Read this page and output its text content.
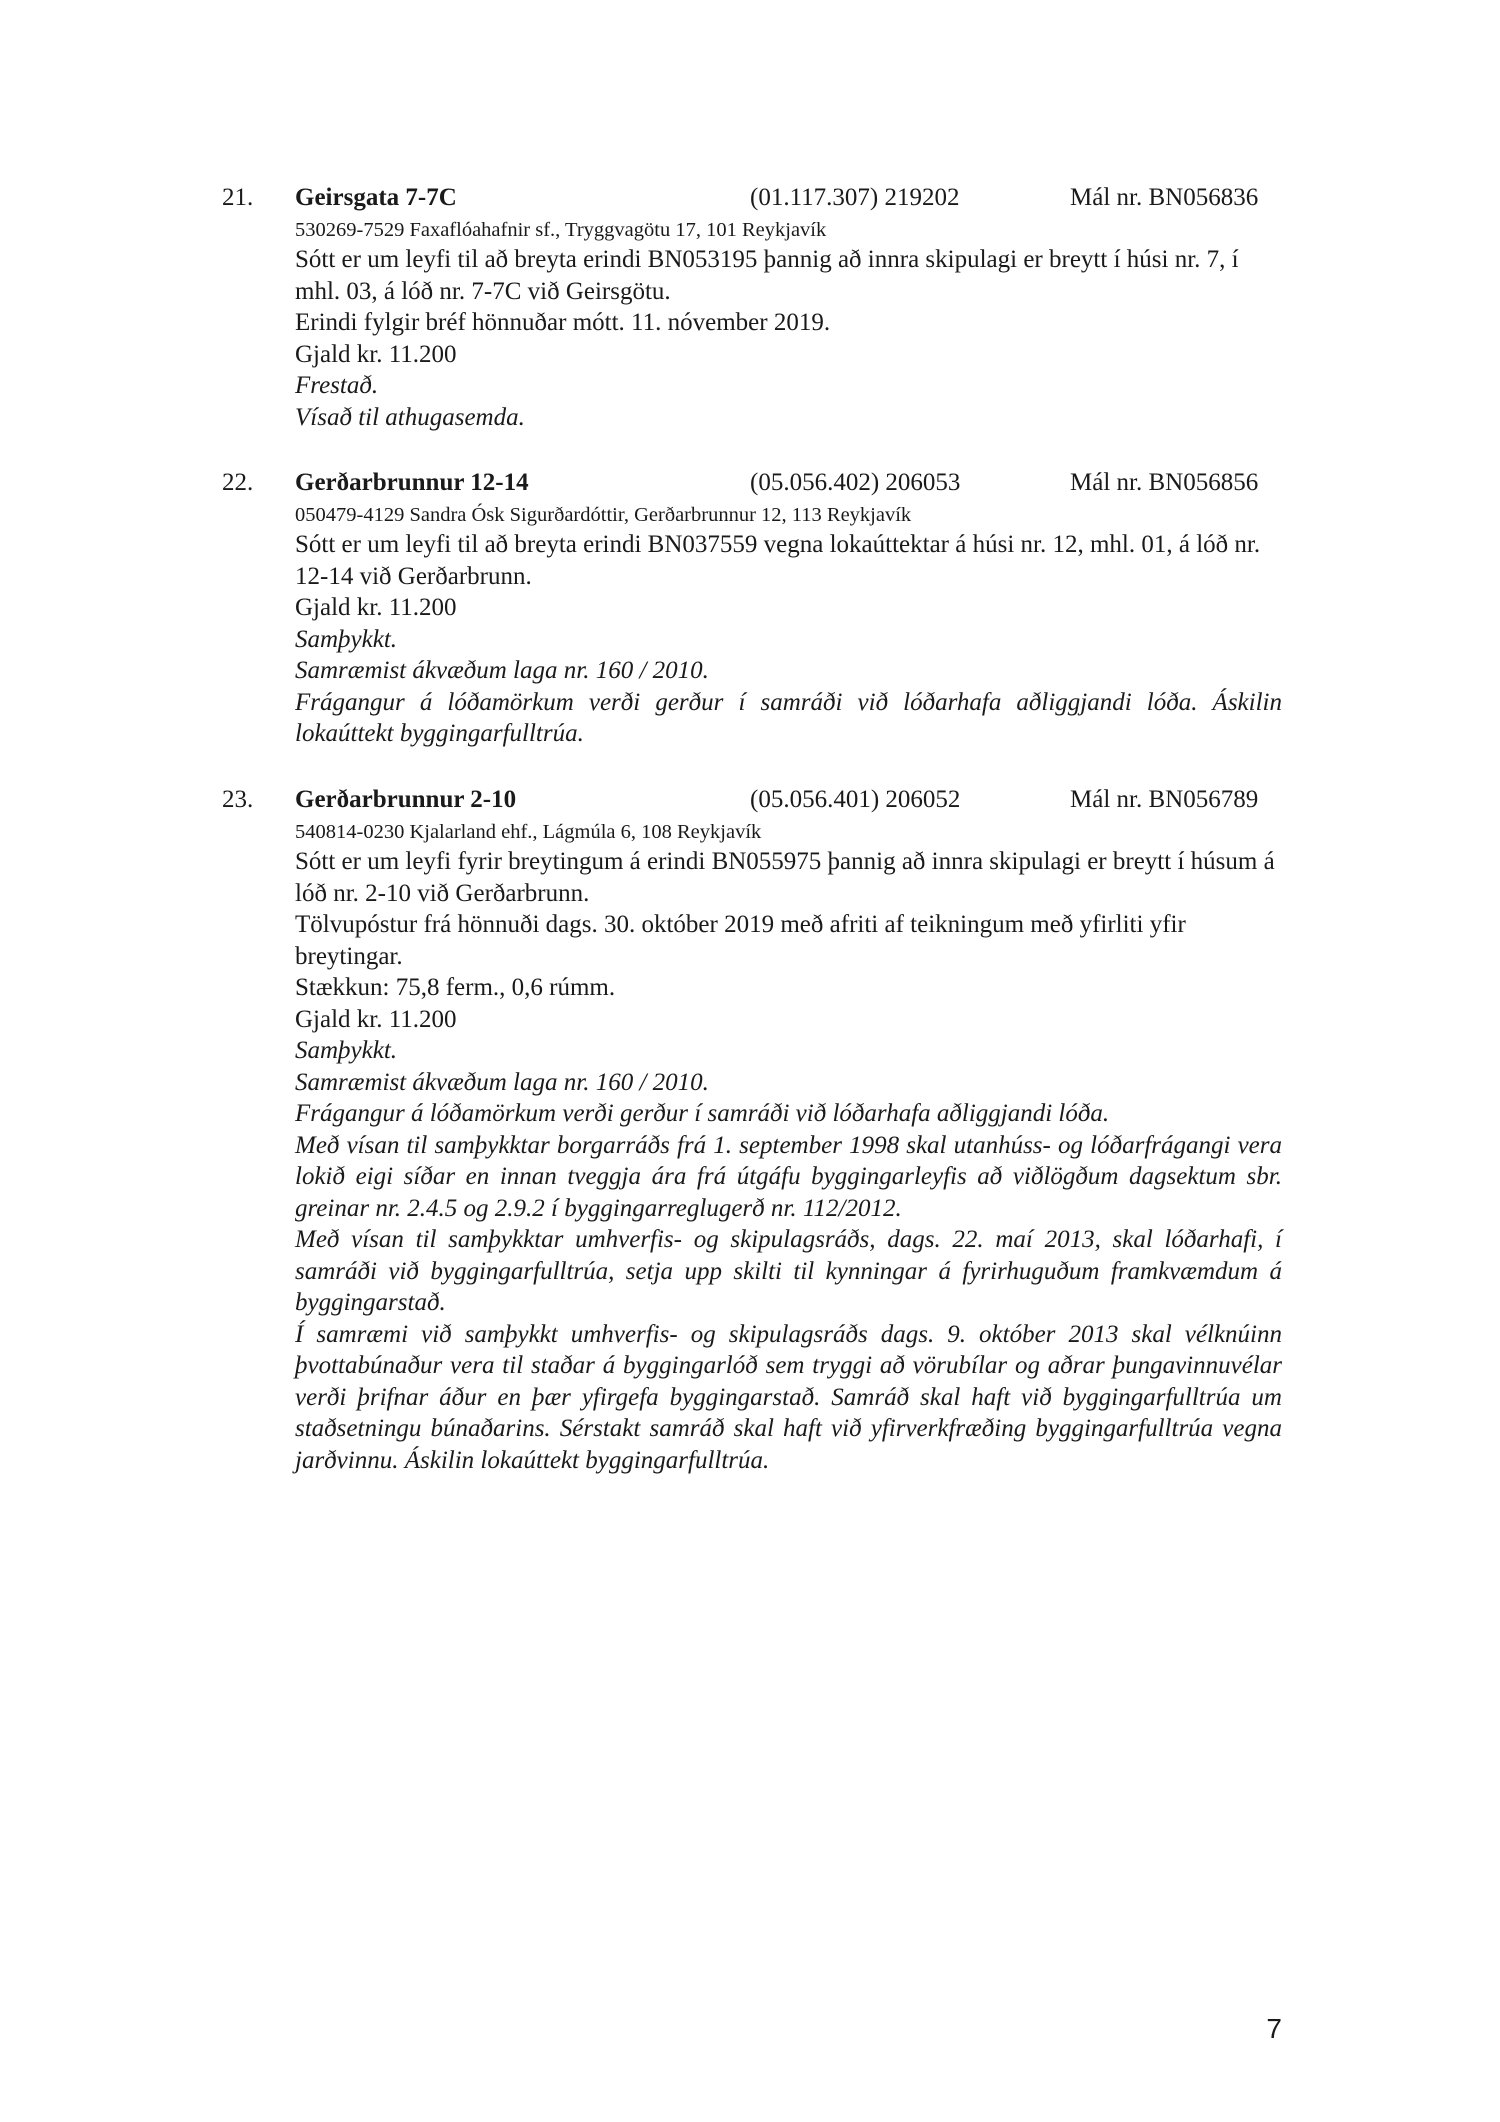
21. Geirsgata 7-7C	(01.117.307) 219202	Mál nr. BN056836

530269-7529 Faxaflóahafnir sf., Tryggvagötu 17, 101 Reykjavík

Sótt er um leyfi til að breyta erindi BN053195 þannig að innra skipulagi er breytt í húsi nr. 7, í mhl. 03, á lóð nr. 7-7C við Geirsgötu.

Erindi fylgir bréf hönnuðar mótt. 11. nóvember 2019.

Gjald kr. 11.200

Frestað.

Vísað til athugasemda.

22. Gerðarbrunnur 12-14	(05.056.402) 206053	Mál nr. BN056856

050479-4129 Sandra Ósk Sigurðardóttir, Gerðarbrunnur 12, 113 Reykjavík

Sótt er um leyfi til að breyta erindi BN037559 vegna lokaúttektar á húsi nr. 12, mhl. 01, á lóð nr. 12-14 við Gerðarbrunn.

Gjald kr. 11.200

Samþykkt.

Samræmist ákvæðum laga nr. 160 / 2010.

Frágangur á lóðamörkum verði gerður í samráði við lóðarhafa aðliggjandi lóða. Áskilin lokaúttekt byggingarfulltrúa.

23. Gerðarbrunnur 2-10	(05.056.401) 206052	Mál nr. BN056789

540814-0230 Kjalarland ehf., Lágmúla 6, 108 Reykjavík

Sótt er um leyfi fyrir breytingum á erindi BN055975 þannig að innra skipulagi er breytt í húsum á lóð nr. 2-10 við Gerðarbrunn.

Tölvupóstur frá hönnuði dags. 30. október 2019 með afriti af teikningum með yfirliti yfir breytingar.

Stækkun: 75,8 ferm., 0,6 rúmm.

Gjald kr. 11.200

Samþykkt.

Samræmist ákvæðum laga nr. 160 / 2010.

Frágangur á lóðamörkum verði gerður í samráði við lóðarhafa aðliggjandi lóða.

Með vísan til samþykktar borgarráðs frá 1. september 1998 skal utanhúss- og lóðarfrágangi vera lokið eigi síðar en innan tveggja ára frá útgáfu byggingarleyfis að viðlögðum dagsektum sbr. greinar nr. 2.4.5 og 2.9.2 í byggingarreglugerð nr. 112/2012.

Með vísan til samþykktar umhverfis- og skipulagsráðs, dags. 22. maí 2013, skal lóðarhafi, í samráði við byggingarfulltrúa, setja upp skilti til kynningar á fyrirhuguðum framkvæmdum á byggingarstað.

Í samræmi við samþykkt umhverfis- og skipulagsráðs dags. 9. október 2013 skal vélknúinn þvottabúnaður vera til staðar á byggingarlóð sem tryggi að vörubílar og aðrar þungavinnuvélar verði þrifnar áður en þær yfirgefa byggingarstað. Samráð skal haft við byggingarfulltrúa um staðsetningu búnaðarins. Sérstakt samráð skal haft við yfirverkfræðing byggingarfulltrúa vegna jarðvinnu. Áskilin lokaúttekt byggingarfulltrúa.

7
